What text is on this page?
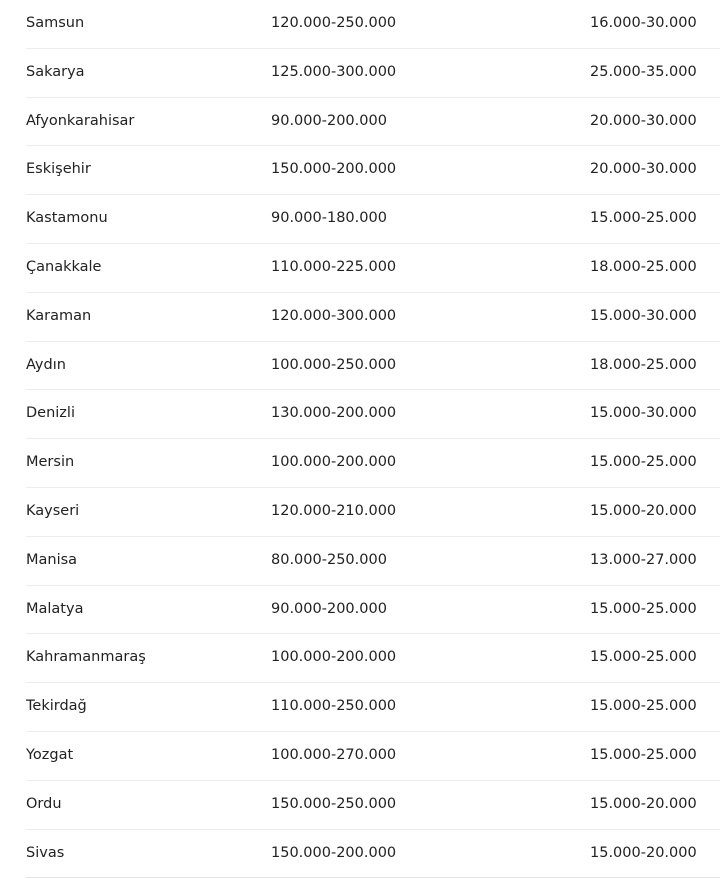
Samsun	120.000-250.000	16.000-30.000
Sakarya	125.000-300.000	25.000-35.000
Afyonkarahisar	90.000-200.000	20.000-30.000
Eskişehir	150.000-200.000	20.000-30.000
Kastamonu	90.000-180.000	15.000-25.000
Çanakkale	110.000-225.000	18.000-25.000
Karaman	120.000-300.000	15.000-30.000
Aydın	100.000-250.000	18.000-25.000
Denizli	130.000-200.000	15.000-30.000
Mersin	100.000-200.000	15.000-25.000
Kayseri	120.000-210.000	15.000-20.000
Manisa	80.000-250.000	13.000-27.000
Malatya	90.000-200.000	15.000-25.000
Kahramanmaraş	100.000-200.000	15.000-25.000
Tekirdağ	110.000-250.000	15.000-25.000
Yozgat	100.000-270.000	15.000-25.000
Ordu	150.000-250.000	15.000-20.000
Sivas	150.000-200.000	15.000-20.000
